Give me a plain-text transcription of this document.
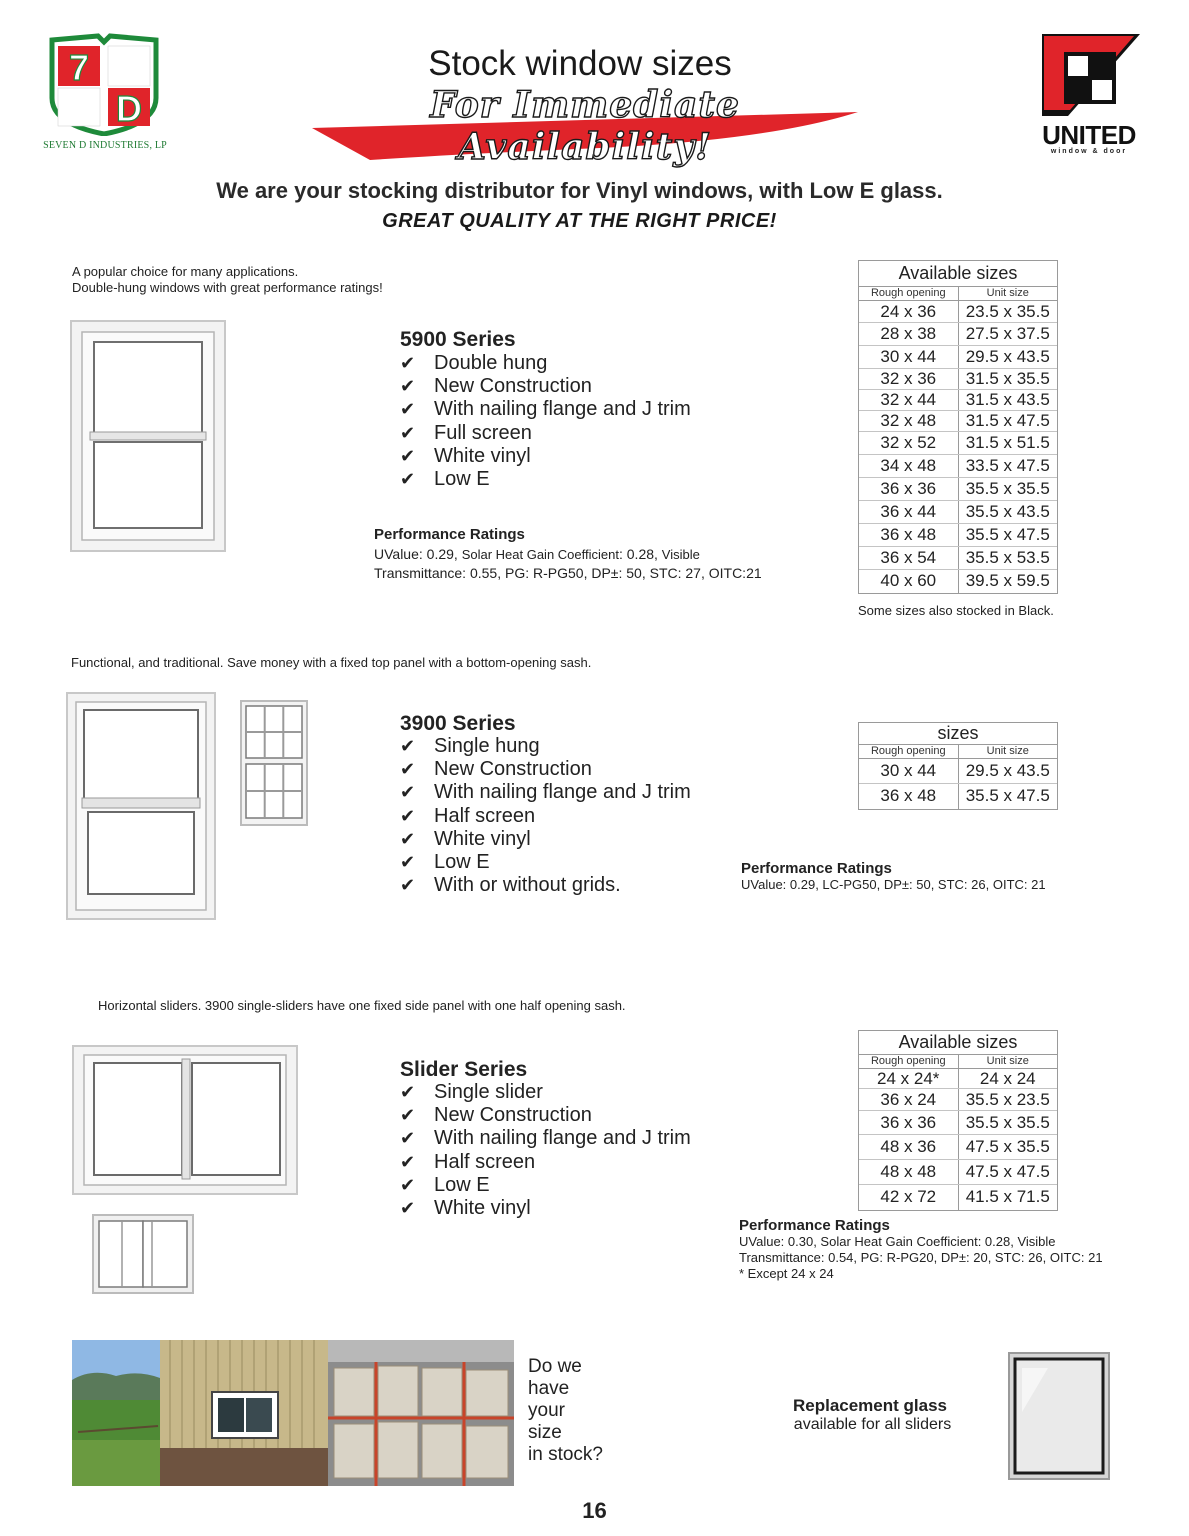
7
D
SEVEN D INDUSTRIES, LP
Stock window sizes
For Immediate Availability!	UNITED
window & door
We are your stocking distributor for Vinyl windows, with Low E glass.
GREAT QUALITY AT THE RIGHT PRICE!
A popular choice for many applications.
Double-hung windows with great performance ratings!
5900 Series
✔ Double hung
✔ New Construction
✔ With nailing flange and J trim
✔ Full screen
✔ White vinyl
✔ Low E
Performance Ratings
UValue: 0.29, Solar Heat Gain Coefficient: 0.28, Visible
Transmittance: 0.55, PG: R-PG50, DP±: 50, STC: 27, OITC:21
Available sizes
Rough opening	Unit size
24 x 36	23.5 x 35.5
28 x 38	27.5 x 37.5
30 x 44	29.5 x 43.5
32 x 36	31.5 x 35.5
32 x 44	31.5 x 43.5
32 x 48	31.5 x 47.5
32 x 52	31.5 x 51.5
34 x 48	33.5 x 47.5
36 x 36	35.5 x 35.5
36 x 44	35.5 x 43.5
36 x 48	35.5 x 47.5
36 x 54	35.5 x 53.5
40 x 60	39.5 x 59.5
Some sizes also stocked in Black.
Functional, and traditional. Save money with a fixed top panel with a bottom-opening sash.
3900 Series
✔ Single hung
✔ New Construction
✔ With nailing flange and J trim
✔ Half screen
✔ White vinyl
✔ Low E
✔ With or without grids.
sizes
Rough opening	Unit size
30 x 44	29.5 x 43.5
36 x 48	35.5 x 47.5
Performance Ratings
UValue: 0.29, LC-PG50, DP±: 50, STC: 26, OITC: 21
Horizontal sliders. 3900 single-sliders have one fixed side panel with one half opening sash.
Slider Series
✔ Single slider
✔ New Construction
✔ With nailing flange and J trim
✔ Half screen
✔ Low E
✔ White vinyl
Available sizes
Rough opening	Unit size
24 x 24*	24 x 24
36 x 24	35.5 x 23.5
36 x 36	35.5 x 35.5
48 x 36	47.5 x 35.5
48 x 48	47.5 x 47.5
42 x 72	41.5 x 71.5
Performance Ratings
UValue: 0.30, Solar Heat Gain Coefficient: 0.28, Visible
Transmittance: 0.54, PG: R-PG20, DP±: 20, STC: 26, OITC: 21
* Except 24 x 24
Do we
have
your
size
in stock?
Replacement glass
available for all sliders
16
